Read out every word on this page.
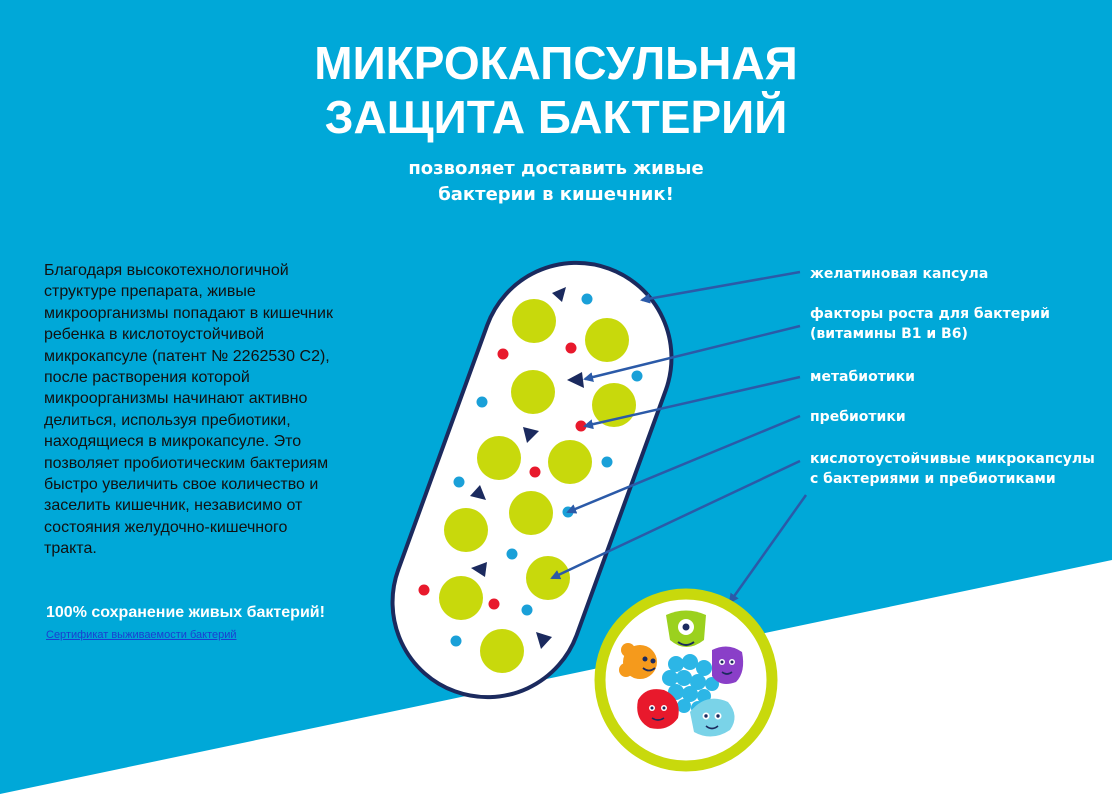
МИКРОКАПСУЛЬНАЯ
ЗАЩИТА БАКТЕРИЙ
позволяет доставить живые
бактерии в кишечник!
Благодаря высокотехнологичной структуре препарата, живые микроорганизмы попадают в кишечник ребенка в кислотоустойчивой микрокапсуле (патент № 2262530 С2), после растворения которой микроорганизмы начинают активно делиться, используя пребиотики, находящиеся в микрокапсуле. Это позволяет пробиотическим бактериям быстро увеличить свое количество и заселить кишечник, независимо от состояния желудочно-кишечного тракта.
Сертификат выживаемости бактерий
100% сохранение живых бактерий!
желатиновая капсула
факторы роста для бактерий (витамины В1 и В6)
метабиотики
пребиотики
кислотоустойчивые микрокапсулы с бактериями и пребиотиками
